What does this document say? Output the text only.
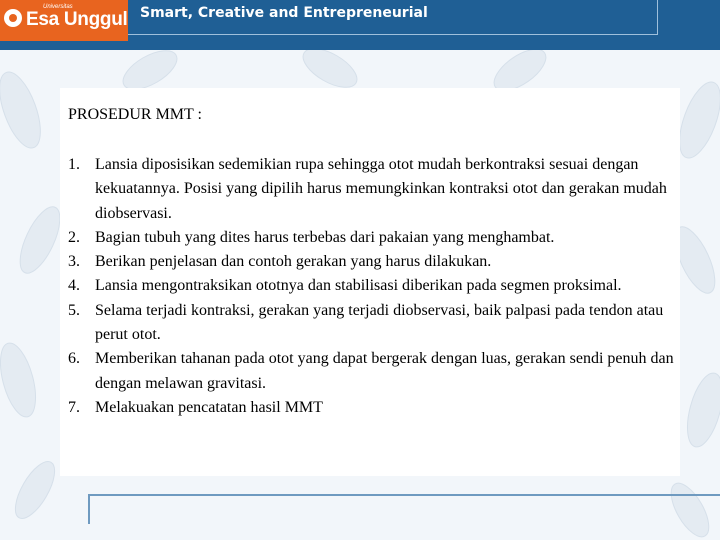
Universitas
Esa Unggul Smart, Creative and Entrepreneurial
PROSEDUR MMT :
1. Lansia diposisikan sedemikian rupa sehingga otot mudah berkontraksi sesuai dengan kekuatannya. Posisi yang dipilih harus memungkinkan kontraksi otot dan gerakan mudah diobservasi.
2. Bagian tubuh yang dites harus terbebas dari pakaian yang menghambat.
3. Berikan penjelasan dan contoh gerakan yang harus dilakukan.
4. Lansia mengontraksikan ototnya dan stabilisasi diberikan pada segmen proksimal.
5. Selama terjadi kontraksi, gerakan yang terjadi diobservasi, baik palpasi pada tendon atau perut otot.
6. Memberikan tahanan pada otot yang dapat bergerak dengan luas, gerakan sendi penuh dan dengan melawan gravitasi.
7. Melakuakan pencatatan hasil MMT
